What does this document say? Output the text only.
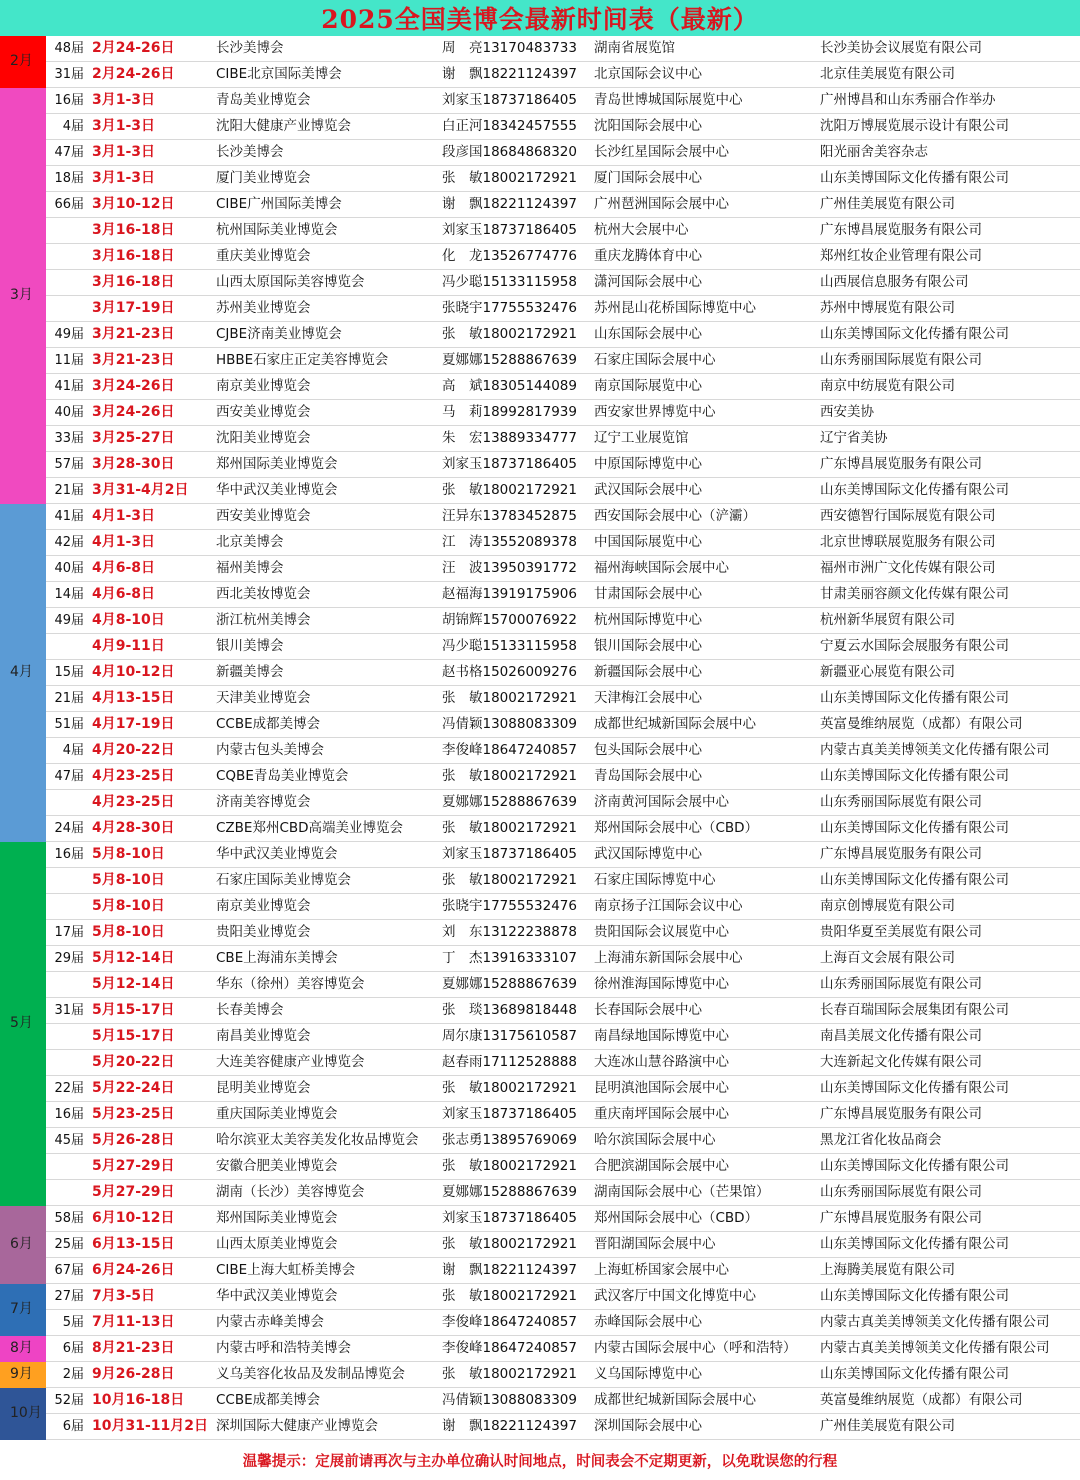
2025全国美博会最新时间表（最新）
2月	48届	2月24-26日	长沙美博会	周　亮13170483733	湖南省展览馆	长沙美协会议展览有限公司
	31届	2月24-26日	CIBE北京国际美博会	谢　飘18221124397	北京国际会议中心	北京佳美展览有限公司
3月	16届	3月1-3日	青岛美业博览会	刘家玉18737186405	青岛世博城国际展览中心	广州博昌和山东秀丽合作举办
	4届	3月1-3日	沈阳大健康产业博览会	白正河18342457555	沈阳国际会展中心	沈阳万博展览展示设计有限公司
	47届	3月1-3日	长沙美博会	段彦国18684868320	长沙红星国际会展中心	阳光丽舍美容杂志
	18届	3月1-3日	厦门美业博览会	张　敏18002172921	厦门国际会展中心	山东美博国际文化传播有限公司
	66届	3月10-12日	CIBE广州国际美博会	谢　飘18221124397	广州琶洲国际会展中心	广州佳美展览有限公司
		3月16-18日	杭州国际美业博览会	刘家玉18737186405	杭州大会展中心	广东博昌展览服务有限公司
		3月16-18日	重庆美业博览会	化　龙13526774776	重庆龙腾体育中心	郑州红妆企业管理有限公司
		3月16-18日	山西太原国际美容博览会	冯少聪15133115958	潇河国际会展中心	山西展信息服务有限公司
		3月17-19日	苏州美业博览会	张晓宇17755532476	苏州昆山花桥国际博览中心	苏州中博展览有限公司
	49届	3月21-23日	CJBE济南美业博览会	张　敏18002172921	山东国际会展中心	山东美博国际文化传播有限公司
	11届	3月21-23日	HBBE石家庄正定美容博览会	夏娜娜15288867639	石家庄国际会展中心	山东秀丽国际展览有限公司
	41届	3月24-26日	南京美业博览会	高　斌18305144089	南京国际展览中心	南京中纺展览有限公司
	40届	3月24-26日	西安美业博览会	马　莉18992817939	西安家世界博览中心	西安美协
	33届	3月25-27日	沈阳美业博览会	朱　宏13889334777	辽宁工业展览馆	辽宁省美协
	57届	3月28-30日	郑州国际美业博览会	刘家玉18737186405	中原国际博览中心	广东博昌展览服务有限公司
	21届	3月31-4月2日	华中武汉美业博览会	张　敏18002172921	武汉国际会展中心	山东美博国际文化传播有限公司
4月	41届	4月1-3日	西安美业博览会	汪异东13783452875	西安国际会展中心（浐灞）	西安德智行国际展览有限公司
	42届	4月1-3日	北京美博会	江　涛13552089378	中国国际展览中心	北京世博联展览服务有限公司
	40届	4月6-8日	福州美博会	汪　波13950391772	福州海峡国际会展中心	福州市洲广文化传媒有限公司
	14届	4月6-8日	西北美妆博览会	赵福海13919175906	甘肃国际会展中心	甘肃美丽容颜文化传媒有限公司
	49届	4月8-10日	浙江杭州美博会	胡锦辉15700076922	杭州国际博览中心	杭州新华展贸有限公司
		4月9-11日	银川美博会	冯少聪15133115958	银川国际会展中心	宁夏云水国际会展服务有限公司
	15届	4月10-12日	新疆美博会	赵书格15026009276	新疆国际会展中心	新疆亚心展览有限公司
	21届	4月13-15日	天津美业博览会	张　敏18002172921	天津梅江会展中心	山东美博国际文化传播有限公司
	51届	4月17-19日	CCBE成都美博会	冯倩颖13088083309	成都世纪城新国际会展中心	英富曼维纳展览（成都）有限公司
	4届	4月20-22日	内蒙古包头美博会	李俊峰18647240857	包头国际会展中心	内蒙古真美美博领美文化传播有限公司
	47届	4月23-25日	CQBE青岛美业博览会	张　敏18002172921	青岛国际会展中心	山东美博国际文化传播有限公司
		4月23-25日	济南美容博览会	夏娜娜15288867639	济南黄河国际会展中心	山东秀丽国际展览有限公司
	24届	4月28-30日	CZBE郑州CBD高端美业博览会	张　敏18002172921	郑州国际会展中心（CBD）	山东美博国际文化传播有限公司
5月	16届	5月8-10日	华中武汉美业博览会	刘家玉18737186405	武汉国际博览中心	广东博昌展览服务有限公司
		5月8-10日	石家庄国际美业博览会	张　敏18002172921	石家庄国际博览中心	山东美博国际文化传播有限公司
		5月8-10日	南京美业博览会	张晓宇17755532476	南京扬子江国际会议中心	南京创博展览有限公司
	17届	5月8-10日	贵阳美业博览会	刘　东13122238878	贵阳国际会议展览中心	贵阳华夏至美展览有限公司
	29届	5月12-14日	CBE上海浦东美博会	丁　杰13916333107	上海浦东新国际会展中心	上海百文会展有限公司
		5月12-14日	华东（徐州）美容博览会	夏娜娜15288867639	徐州淮海国际博览中心	山东秀丽国际展览有限公司
	31届	5月15-17日	长春美博会	张　琰13689818448	长春国际会展中心	长春百瑞国际会展集团有限公司
		5月15-17日	南昌美业博览会	周尔康13175610587	南昌绿地国际博览中心	南昌美展文化传播有限公司
		5月20-22日	大连美容健康产业博览会	赵春雨17112528888	大连冰山慧谷路演中心	大连新起文化传媒有限公司
	22届	5月22-24日	昆明美业博览会	张　敏18002172921	昆明滇池国际会展中心	山东美博国际文化传播有限公司
	16届	5月23-25日	重庆国际美业博览会	刘家玉18737186405	重庆南坪国际会展中心	广东博昌展览服务有限公司
	45届	5月26-28日	哈尔滨亚太美容美发化妆品博览会	张志勇13895769069	哈尔滨国际会展中心	黑龙江省化妆品商会
		5月27-29日	安徽合肥美业博览会	张　敏18002172921	合肥滨湖国际会展中心	山东美博国际文化传播有限公司
		5月27-29日	湖南（长沙）美容博览会	夏娜娜15288867639	湖南国际会展中心（芒果馆）	山东秀丽国际展览有限公司
6月	58届	6月10-12日	郑州国际美业博览会	刘家玉18737186405	郑州国际会展中心（CBD）	广东博昌展览服务有限公司
	25届	6月13-15日	山西太原美业博览会	张　敏18002172921	晋阳湖国际会展中心	山东美博国际文化传播有限公司
	67届	6月24-26日	CIBE上海大虹桥美博会	谢　飘18221124397	上海虹桥国家会展中心	上海腾美展览有限公司
7月	27届	7月3-5日	华中武汉美业博览会	张　敏18002172921	武汉客厅中国文化博览中心	山东美博国际文化传播有限公司
	5届	7月11-13日	内蒙古赤峰美博会	李俊峰18647240857	赤峰国际会展中心	内蒙古真美美博领美文化传播有限公司
8月	6届	8月21-23日	内蒙古呼和浩特美博会	李俊峰18647240857	内蒙古国际会展中心（呼和浩特）	内蒙古真美美博领美文化传播有限公司
9月	2届	9月26-28日	义乌美容化妆品及发制品博览会	张　敏18002172921	义乌国际博览中心	山东美博国际文化传播有限公司
10月	52届	10月16-18日	CCBE成都美博会	冯倩颖13088083309	成都世纪城新国际会展中心	英富曼维纳展览（成都）有限公司
	6届	10月31-11月2日	深圳国际大健康产业博览会	谢　飘18221124397	深圳国际会展中心	广州佳美展览有限公司
温馨提示：定展前请再次与主办单位确认时间地点，时间表会不定期更新，以免耽误您的行程
